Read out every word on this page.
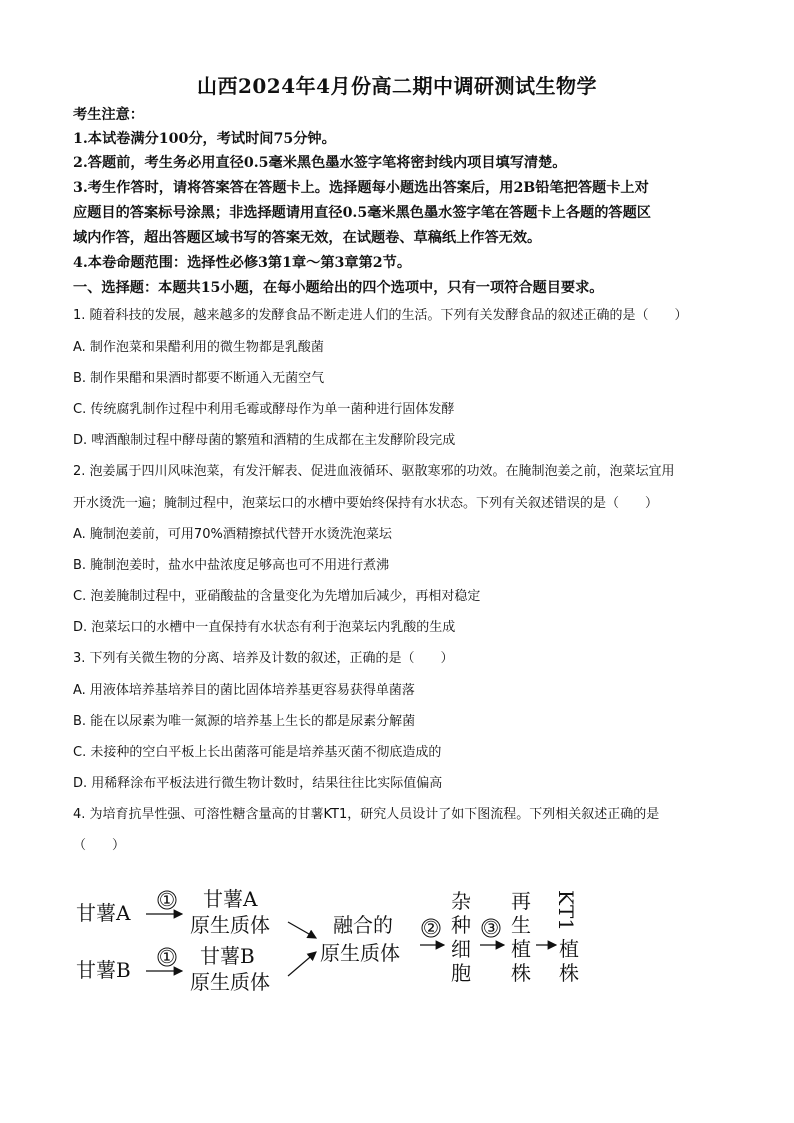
山西2024年4月份高二期中调研测试生物学
考生注意：
1.本试卷满分100分，考试时间75分钟。
2.答题前，考生务必用直径0.5毫米黑色墨水签字笔将密封线内项目填写清楚。
3.考生作答时，请将答案答在答题卡上。选择题每小题选出答案后，用2B铅笔把答题卡上对
应题目的答案标号涂黑；非选择题请用直径0.5毫米黑色墨水签字笔在答题卡上各题的答题区
域内作答，超出答题区域书写的答案无效，在试题卷、草稿纸上作答无效。
4.本卷命题范围：选择性必修3第1章～第3章第2节。
一、选择题：本题共15小题，在每小题给出的四个选项中，只有一项符合题目要求。
1. 随着科技的发展，越来越多的发酵食品不断走进人们的生活。下列有关发酵食品的叙述正确的是（　　）
A. 制作泡菜和果醋利用的微生物都是乳酸菌
B. 制作果醋和果酒时都要不断通入无菌空气
C. 传统腐乳制作过程中利用毛霉或酵母作为单一菌种进行固体发酵
D. 啤酒酿制过程中酵母菌的繁殖和酒精的生成都在主发酵阶段完成
2. 泡姜属于四川风味泡菜，有发汗解表、促进血液循环、驱散寒邪的功效。在腌制泡姜之前，泡菜坛宜用
开水烫洗一遍；腌制过程中，泡菜坛口的水槽中要始终保持有水状态。下列有关叙述错误的是（　　）
A. 腌制泡姜前，可用70%酒精擦拭代替开水烫洗泡菜坛
B. 腌制泡姜时，盐水中盐浓度足够高也可不用进行煮沸
C. 泡姜腌制过程中，亚硝酸盐的含量变化为先增加后减少，再相对稳定
D. 泡菜坛口的水槽中一直保持有水状态有利于泡菜坛内乳酸的生成
3. 下列有关微生物的分离、培养及计数的叙述，正确的是（　　）
A. 用液体培养基培养目的菌比固体培养基更容易获得单菌落
B. 能在以尿素为唯一氮源的培养基上生长的都是尿素分解菌
C. 未接种的空白平板上长出菌落可能是培养基灭菌不彻底造成的
D. 用稀释涂布平板法进行微生物计数时，结果往往比实际值偏高
4. 为培育抗旱性强、可溶性糖含量高的甘薯KT1，研究人员设计了如下图流程。下列相关叙述正确的是
（　　）
甘薯A
① 甘薯A
原生质体
甘薯B
① 甘薯B
原生质体
融合的
原生质体
②
杂
种
细
胞
③
再
生
植
株
KT1
植
株
